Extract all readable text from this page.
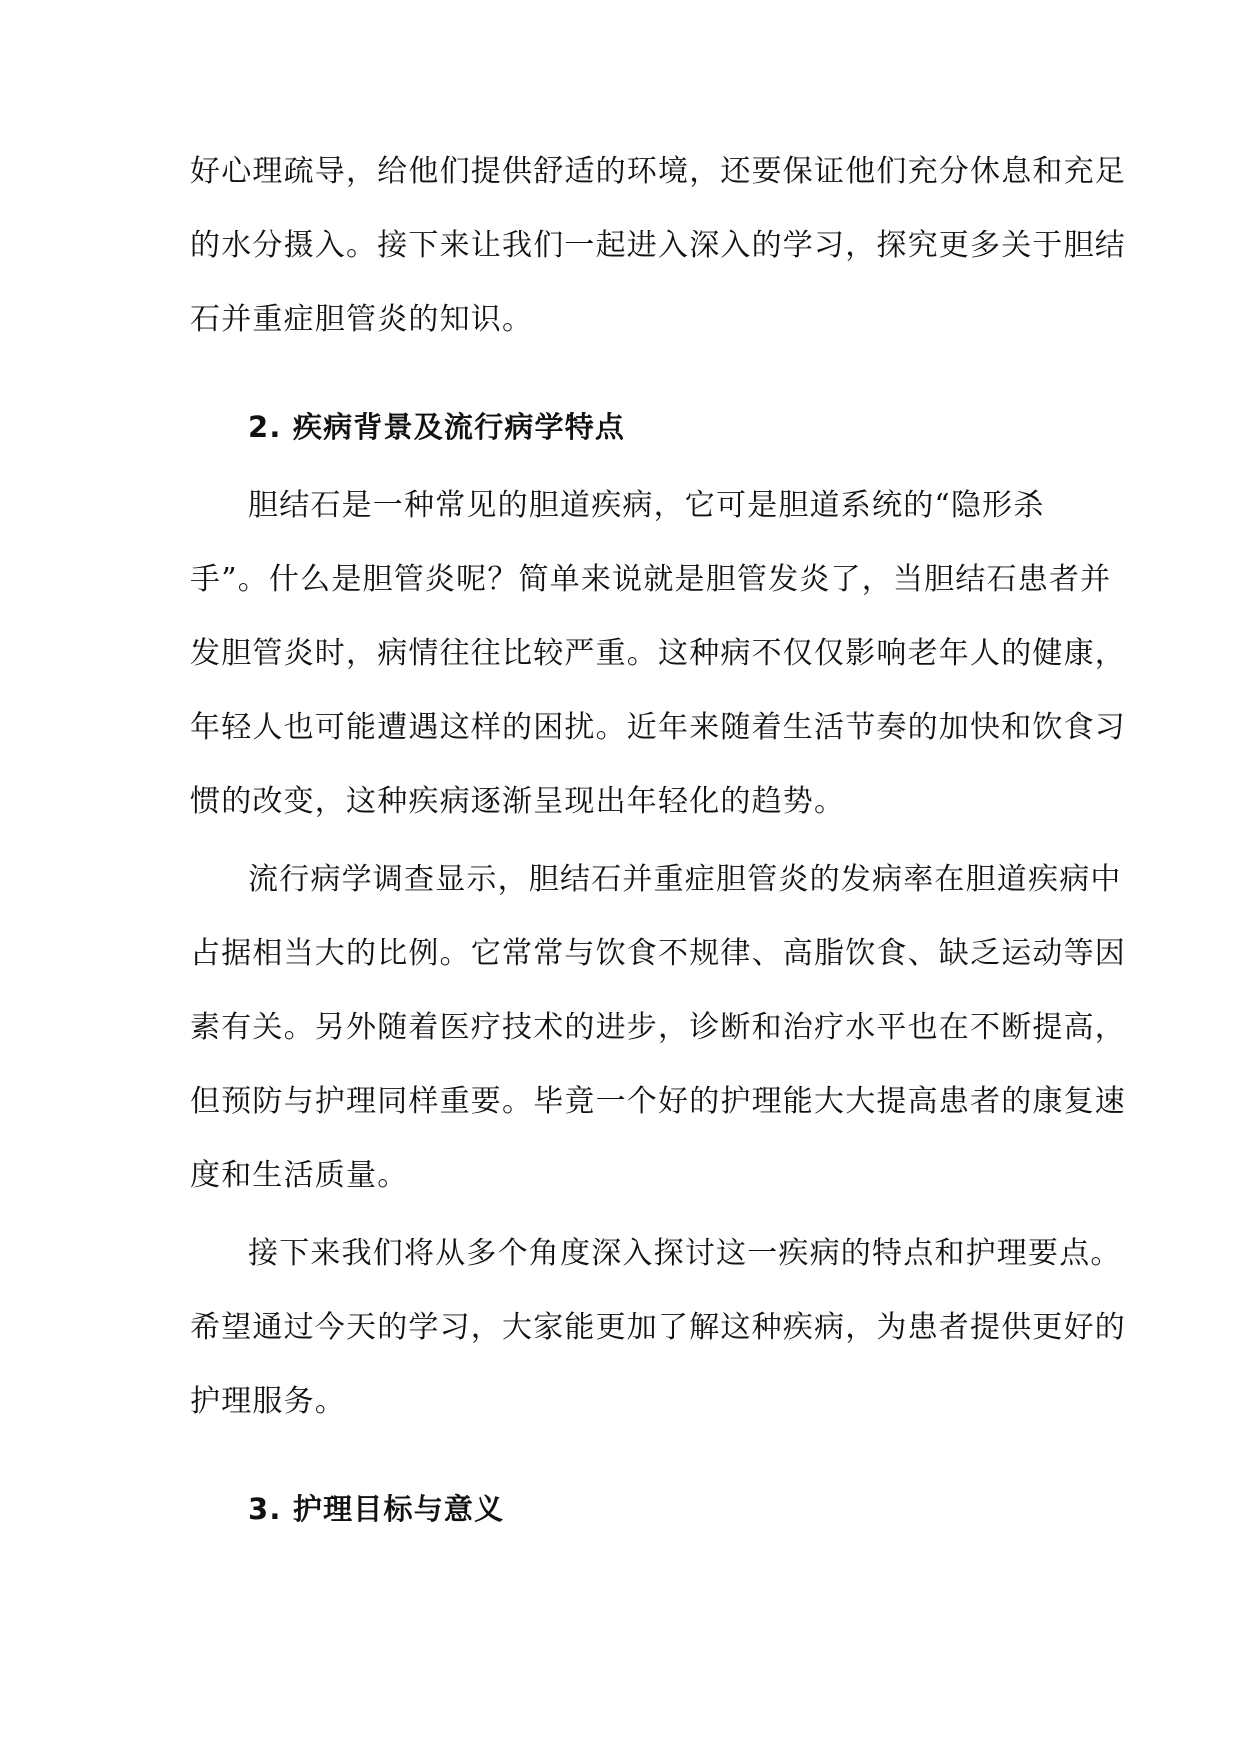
好心理疏导，给他们提供舒适的环境，还要保证他们充分休息和充足
的水分摄入。接下来让我们一起进入深入的学习，探究更多关于胆结
石并重症胆管炎的知识。
2. 疾病背景及流行病学特点
胆结石是一种常见的胆道疾病，它可是胆道系统的“隐形杀
手”。什么是胆管炎呢？简单来说就是胆管发炎了，当胆结石患者并
发胆管炎时，病情往往比较严重。这种病不仅仅影响老年人的健康，
年轻人也可能遭遇这样的困扰。近年来随着生活节奏的加快和饮食习
惯的改变，这种疾病逐渐呈现出年轻化的趋势。
流行病学调查显示，胆结石并重症胆管炎的发病率在胆道疾病中
占据相当大的比例。它常常与饮食不规律、高脂饮食、缺乏运动等因
素有关。另外随着医疗技术的进步，诊断和治疗水平也在不断提高，
但预防与护理同样重要。毕竟一个好的护理能大大提高患者的康复速
度和生活质量。
接下来我们将从多个角度深入探讨这一疾病的特点和护理要点。
希望通过今天的学习，大家能更加了解这种疾病，为患者提供更好的
护理服务。
3. 护理目标与意义
